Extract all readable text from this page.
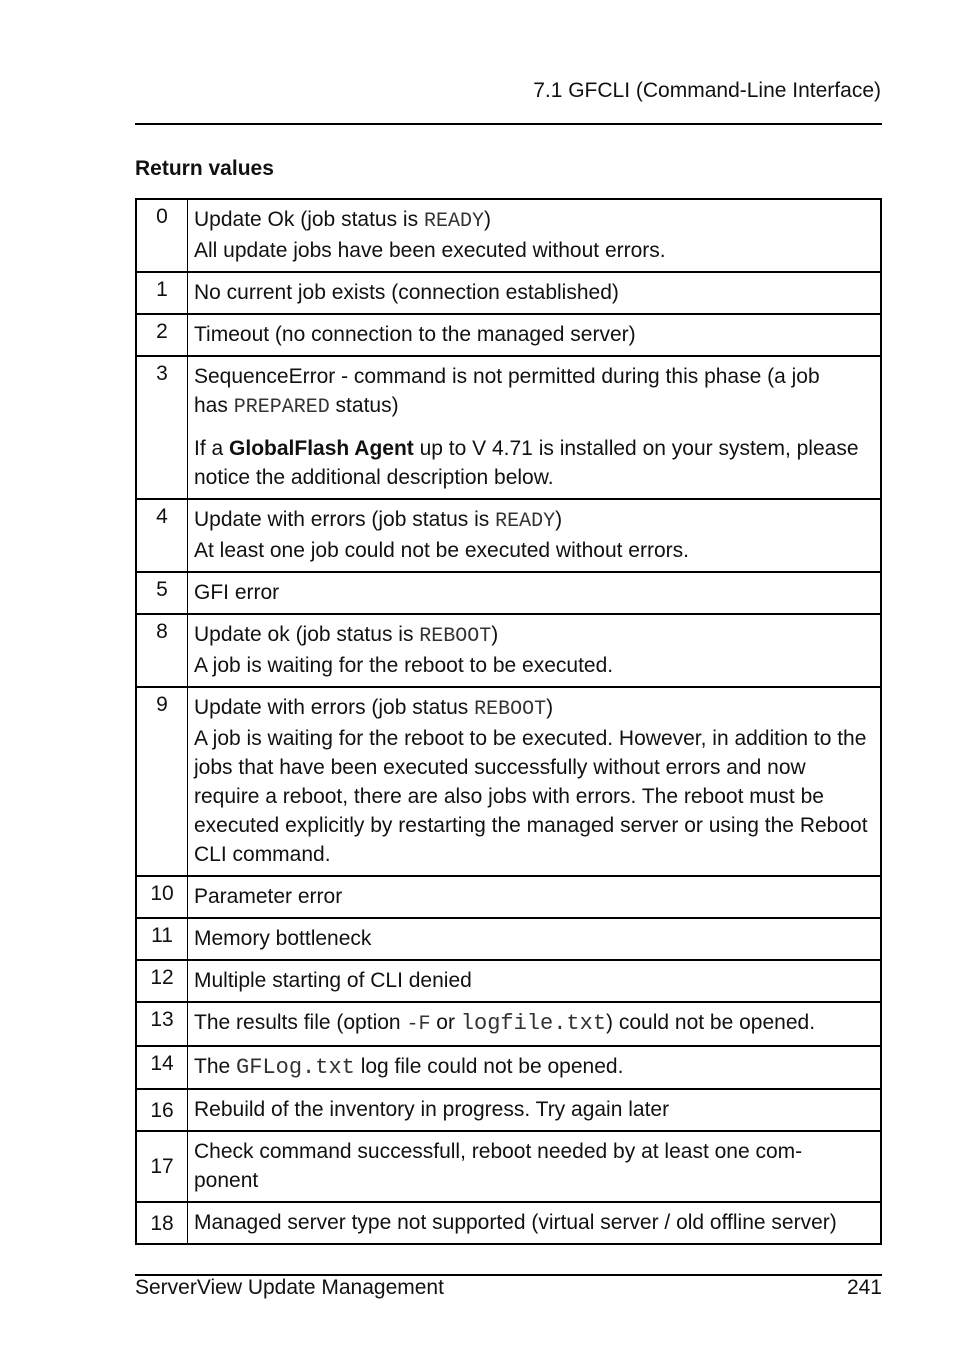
7.1 GFCLI (Command-Line Interface)
Return values
0	Update Ok (job status is READY)
All update jobs have been executed without errors.
1	No current job exists (connection established)
2	Timeout (no connection to the managed server)
3	SequenceError - command is not permitted during this phase (a job
has PREPARED status)
If a GlobalFlash Agent up to V 4.71 is installed on your system, please notice the additional description below.

4	Update with errors (job status is READY)
At least one job could not be executed without errors.
5	GFI error
8	Update ok (job status is REBOOT)
A job is waiting for the reboot to be executed.
9	Update with errors (job status REBOOT)
A job is waiting for the reboot to be executed. However, in addition to the jobs that have been executed successfully without errors and now require a reboot, there are also jobs with errors. The reboot must be executed explicitly by restarting the managed server or using the Reboot CLI command.
10	Parameter error
11	Memory bottleneck
12	Multiple starting of CLI denied
13	The results file (option -F or logfile.txt) could not be opened.
14	The GFLog.txt log file could not be opened.
16	Rebuild of the inventory in progress. Try again later
17	Check command successfull, reboot needed by at least one com-
ponent
18	Managed server type not supported (virtual server / old offline server)
ServerView Update Management	241
